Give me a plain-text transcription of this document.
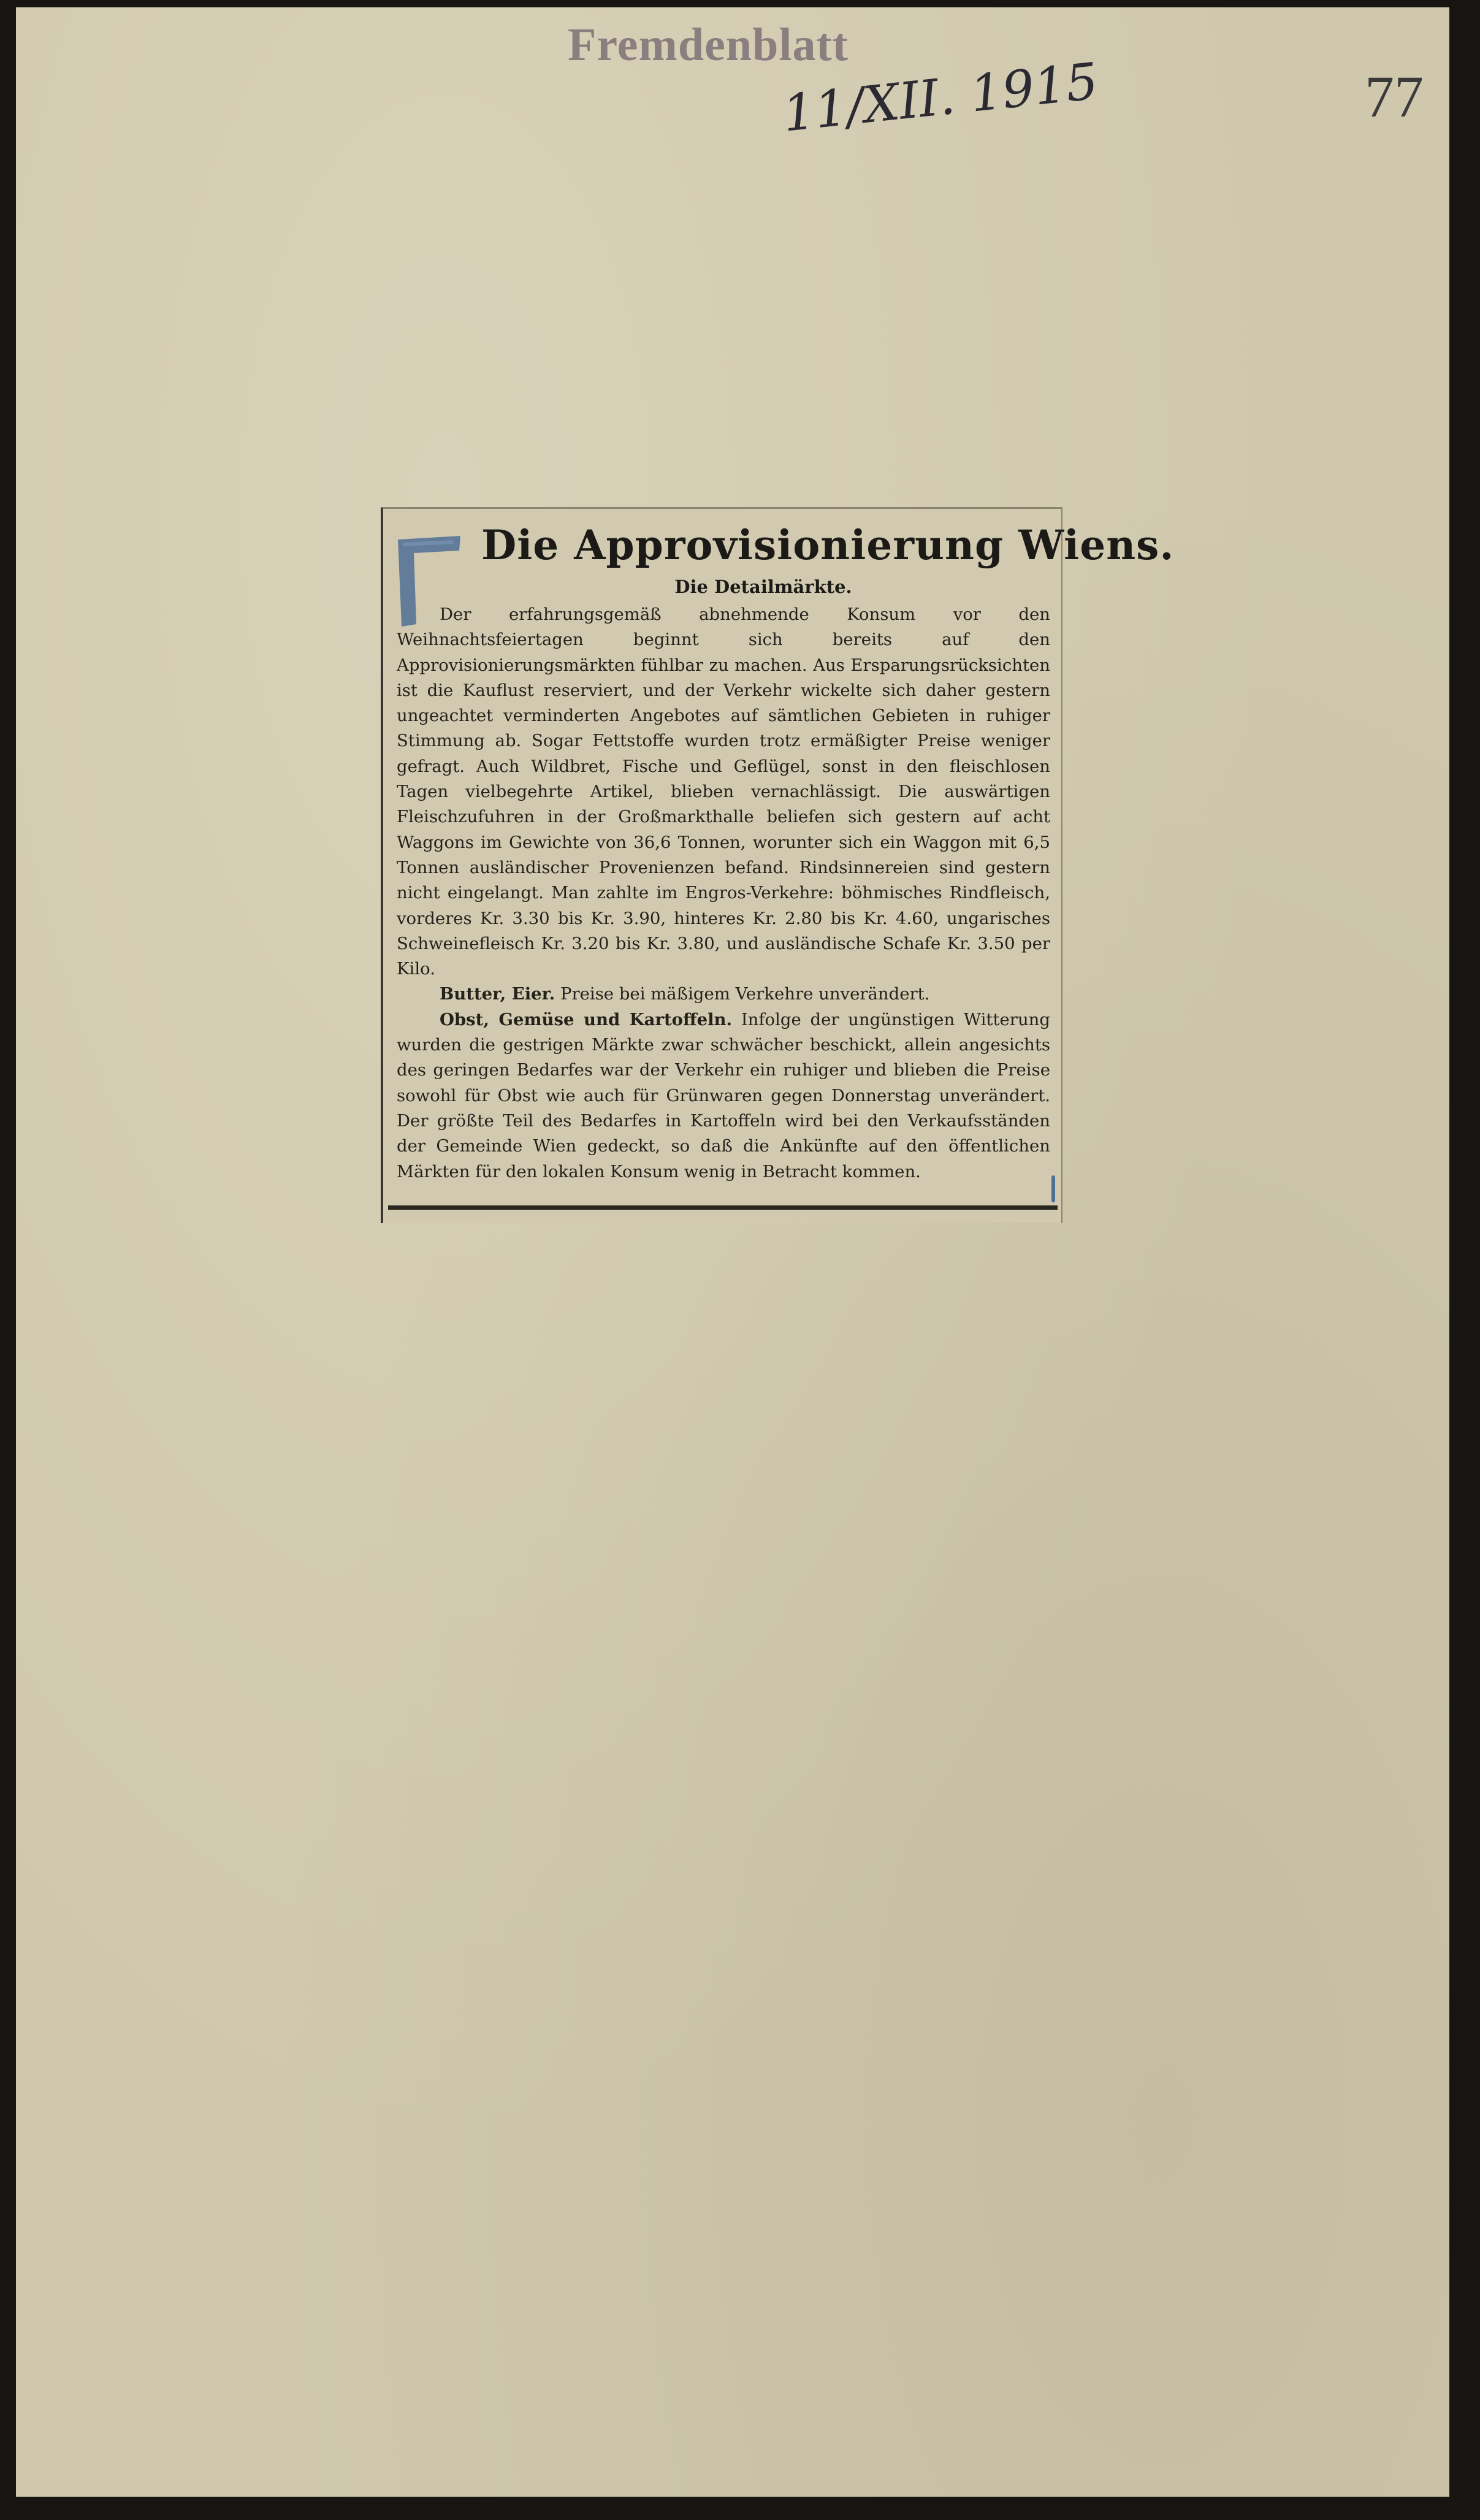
Fremdenblatt
11/XII. 1915	77
Die Approvisionierung Wiens.
Die Detailmärkte.

Der erfahrungsgemäß abnehmende Konsum vor den Weihnachtsfeiertagen beginnt sich bereits auf den Approvisionierungsmärkten fühlbar zu machen. Aus Ersparungsrücksichten ist die Kauflust reserviert, und der Verkehr wickelte sich daher gestern ungeachtet verminderten Angebotes auf sämtlichen Gebieten in ruhiger Stimmung ab. Sogar Fettstoffe wurden trotz ermäßigter Preise weniger gefragt. Auch Wildbret, Fische und Geflügel, sonst in den fleischlosen Tagen vielbegehrte Artikel, blieben vernachlässigt. Die auswärtigen Fleischzufuhren in der Großmarkthalle beliefen sich gestern auf acht Waggons im Gewichte von 36,6 Tonnen, worunter sich ein Waggon mit 6,5 Tonnen ausländischer Provenienzen befand. Rindsinnereien sind gestern nicht eingelangt. Man zahlte im Engros-Verkehre: böhmisches Rindfleisch, vorderes Kr. 3.30 bis Kr. 3.90, hinteres Kr. 2.80 bis Kr. 4.60, ungarisches Schweinefleisch Kr. 3.20 bis Kr. 3.80, und ausländische Schafe Kr. 3.50 per Kilo.

Butter, Eier. Preise bei mäßigem Verkehre unverändert.

Obst, Gemüse und Kartoffeln. Infolge der ungünstigen Witterung wurden die gestrigen Märkte zwar schwächer beschickt, allein angesichts des geringen Bedarfes war der Verkehr ein ruhiger und blieben die Preise sowohl für Obst wie auch für Grünwaren gegen Donnerstag unverändert. Der größte Teil des Bedarfes in Kartoffeln wird bei den Verkaufsständen der Gemeinde Wien gedeckt, so daß die Ankünfte auf den öffentlichen Märkten für den lokalen Konsum wenig in Betracht kommen.
